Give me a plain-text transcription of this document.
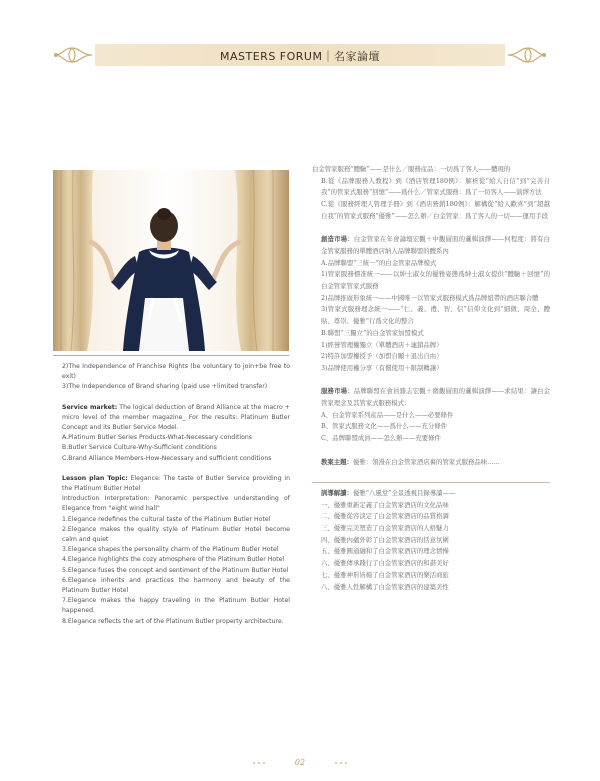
MASTERS FORUM｜名家論壇

2)The Independence of Franchise Rights (be voluntary to join+be free to exit)

3)The Independence of Brand sharing (paid use +limited transfer)

Service market: The logical deduction of Brand Alliance at the macro + micro level of the member magazine_ For the results: Platinum Butler Concept and its Butler Service Model.

A.Platinum Butler Series Products-What-Necessary conditions

B.Butler Service Culture-Why-Sufficient conditions

C.Brand Alliance Members-How-Necessary and sufficient conditions

Lesson plan Topic: Elegance: The taste of Butler Service providing in the Platinum Butler Hotel

Introduction Interpretation: Panoramic perspective understanding of Elegance from "eight wind hall"

1.Elegance redefines the cultural taste of the Platinum Butler Hotel

2.Elegance makes the quality style of Platinum Butler Hotel become calm and quiet

3.Elegance shapes the personality charm of the Platinum Butler Hotel

4.Elegance highlights the cozy atmosphere of the Platinum Butler Hotel

5.Elegance fuses the concept and sentiment of the Platinum Butler Hotel

6.Elegance inherits and practices the harmony and beauty of the Platinum Butler Hotel

7.Elegance makes the happy traveling in the Platinum Butler Hotel happened.

8.Elegance reflects the art of the Platinum Butler property architecture.

白金管家服務“體驗”——是什么／服務産品：一切爲了客人——體現的

B.從《品牌服務人教程》到《酒店管理180例》：解析從“給人自信”到“完善自我”的管家式服務“回憶”——爲什么／管家式服務：爲了一切客人——演繹方法

C.從《服務經理人管理手冊》到《酒店營銷180例》：解構從“給人歡喜”到“超越自我”的管家式服務“優雅”——怎么辦／白金管家：爲了客人的一切——運用手段

創造市場：白金管家在年會論壇宏觀＋中觀層面的邏輯演繹——何程度：將有白金管家服務的單體酒店納入品牌聯盟的體系內

A.品牌聯盟“三統一”的白金管家品牌模式

1)管家服務標准統一——以紳士淑女的優雅姿態爲紳士淑女提供“體驗＋回憶”的白金管家管家式服務

2)品牌推廣形象統一——中國唯一以管家式服務模式爲品牌紐帶的酒店聯合體

3)管家式服務理念統一——“仁、義、禮、智、信”信仰文化到“細微、周全、體貼、尊崇、優雅”行爲文化的整合

B.聯盟“三獨立”的白金管家加盟模式

1)經營管理權獨立（單體酒店＋連鎖品牌）

2)特許加盟權授予（加盟自願＋退出自由）

3)品牌使用權分享（有償使用＋限制轉讓）

服務市場：品牌聯盟在會員雜志宏觀＋微觀層面的邏輯演繹——求結果：讓白金管家理念及其管家式服務模式：

A、白金管家系列産品——是什么——必要條件

B、管家式服務文化——爲什么——充分條件

C、品牌聯盟成員——怎么辦——充要條件

教案主題：優雅：領漫在白金管家酒店裏的管家式服務品味……

訓導解讀：優雅“八風堂”全景透視目錄導讀——

一、優雅重新定義了白金管家酒店的文化品味

二、優雅從容淡定了白金管家酒店的品質格調

三、優雅完美塑造了白金管家酒店的人格魅力

四、優雅內蘊外彰了白金管家酒店的恬意氛圍

五、優雅圓通融和了白金管家酒店的理念情操

六、優雅傳承踐行了白金管家酒店的和諧美好

七、優雅神形皆揚了白金管家酒店的樂活商旅

八、優雅人性解構了白金管家酒店的建築美性

02
